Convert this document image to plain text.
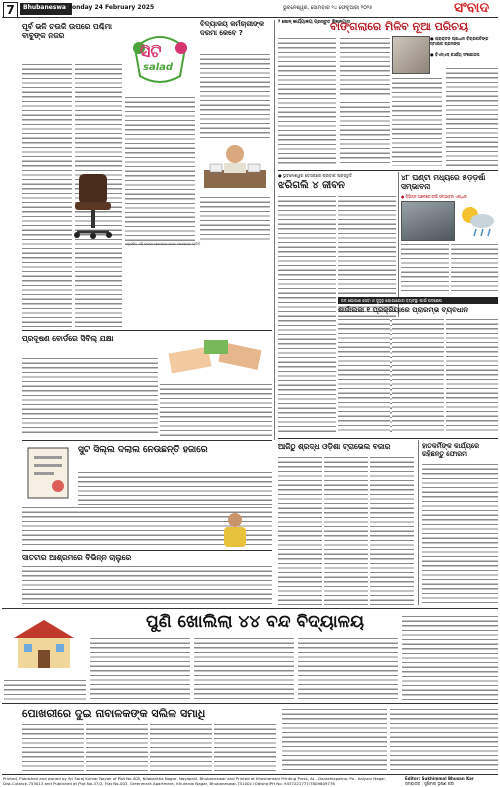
7	Bhubaneswar
Monday 24 February 2025	ଭୁବନେଶ୍ୱର, ସୋମବାର ୨୪ ଫେବୃଆରୀ ୨୦୨୫	ସଂବାଦ
ପୂର୍ବ ଭଳି ଚଉକି ଉପରେ ପଶ୍ଚିମା ବାବୁଙ୍କ ନଜର
ସିଟି
salad
ବିଦ୍ୟାଳୟ କର୍ମଚାରୀଙ୍କ ଦରମା କେବେ ?
ଏଥିସହିତ ଏହି ଦରମା ପ୍ରସଙ୍ଗ ନେଇ ଆଲୋଚନା ଚାଲିଛି
୨ ଜୋନ୍‌ କାର୍ଯ୍ୟାଳୟ ପ୍ରସ୍ତୁତ ଶିଳାନ୍ୟାସ
ବାଙ୍ଗଲାରେ ମିଳିବ ନୂଆ ପରିଚୟ
● ପ୍ରାକ୍ତନ ପ୍ରଧାନ ବିଚାରପତିଙ୍କ ସ୍ମାରକ ପ୍ରସଙ୍ଗ
● ବିଏସ୍‌ଏସ୍‌ କାର୍ଯ୍ୟ ସଂଯୋଜନା
● ଭୁବନେଶ୍ୱର ଡେସ୍କରେ ପ୍ରତୀକ ପ୍ରସ୍ତୁତି
ଝରିଗଲି ୪ ଜୀବନ
୪୮ ଘଣ୍ଟା ମଧ୍ୟରେ ୫ଡ଼ଡ଼ର୍ଷା ସମ୍ଭାବନା
● ବିଭିନ୍ନ ଅଞ୍ଚଳରେ ବର୍ଷା ସମ୍ଭାବନା ଏକାଧିକ
ଜଳ ଯୋଗାଣ ସେବା ଓ ସୁଦୃଢ଼ ଯୋଗାଯୋଗ ବ୍ୟବସ୍ଥା ପାଇଁ ପଦକ୍ଷେପ
ଶାର୍ଜାଲକା ୧ ପ୍ରକ୍ରିୟାରେ ପ୍ରାରମ୍ଭ ବ୍ୟବଧାନ
ପ୍ରଦୂଷଣ ବୋର୍ଡରେ ସିବିଲ୍‌ ଯକ୍ଷା
ସୁଟ ସିଲ୍ଲ ଦଲାଲ ନେଉଛନ୍ତି ହଜାରେ
ସାତଟାର ଆଶ୍ରମରେ ବିଭିନ୍ନ ଚାଲୁରେ
ଆଜିଠୁ ଶ୍ରଦ୍ଧ ଓଡ଼ିଶା ଟ୍ରାଭେଲ ବଜାର	ହାତକର୍ମିଙ୍କ କାର୍ଯ୍ୟରେ ରହିଛନ୍ତୁ ଫୋରମ
ପୁଣି ଖୋଲିଲା ୪୪ ବନ୍ଦ ବିଦ୍ୟାଳୟ
ପୋଖରୀରେ ଦୁଇ ନାବାଳକଙ୍କ ସଲିଳ ସମାଧି
Printed, Published and owned by Sri Saroj Kumar Nayak of Plot No.405, Nilakantha Nagar, Nayapalli, Bhubaneswar and Printed at Kheshamani Printing Press, At - Darakhiapatna, Po - Kalyani Nagar,
Dist-Cuttack-753013 and Published at Plot No-37/2, Flat No-003, Greenmark Apartment, Khurarda Nagar, Bhubaneswar-751001 (Odisha)PH No. 9437221777/7809809776
Editor: Sukhimmal Bhusan Kar
ସମ୍ପାଦକ : ସୁଖିମଲ ଭୂଷଣ କର
